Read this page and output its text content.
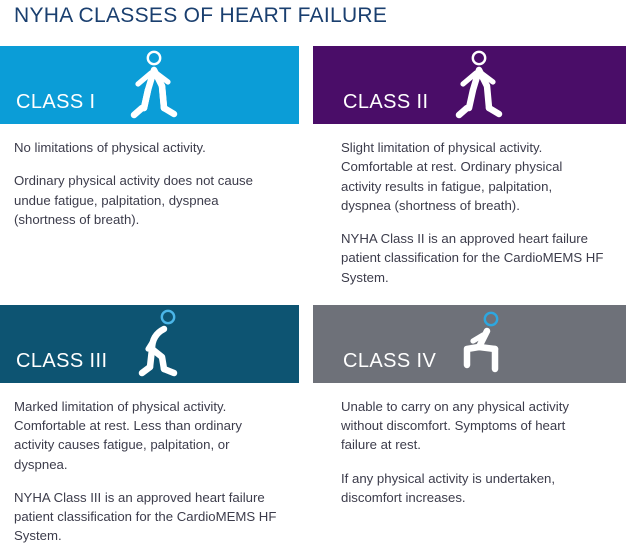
NYHA CLASSES OF HEART FAILURE
CLASS I

No limitations of physical activity.

Ordinary physical activity does not cause undue fatigue, palpitation, dyspnea (shortness of breath).

CLASS II

Slight limitation of physical activity. Comfortable at rest. Ordinary physical activity results in fatigue, palpitation, dyspnea (shortness of breath).

NYHA Class II is an approved heart failure patient classification for the CardioMEMS HF System.

CLASS III

Marked limitation of physical activity. Comfortable at rest. Less than ordinary activity causes fatigue, palpitation, or dyspnea.

NYHA Class III is an approved heart failure patient classification for the CardioMEMS HF System.

CLASS IV

Unable to carry on any physical activity without discomfort. Symptoms of heart failure at rest.

If any physical activity is undertaken, discomfort increases.
